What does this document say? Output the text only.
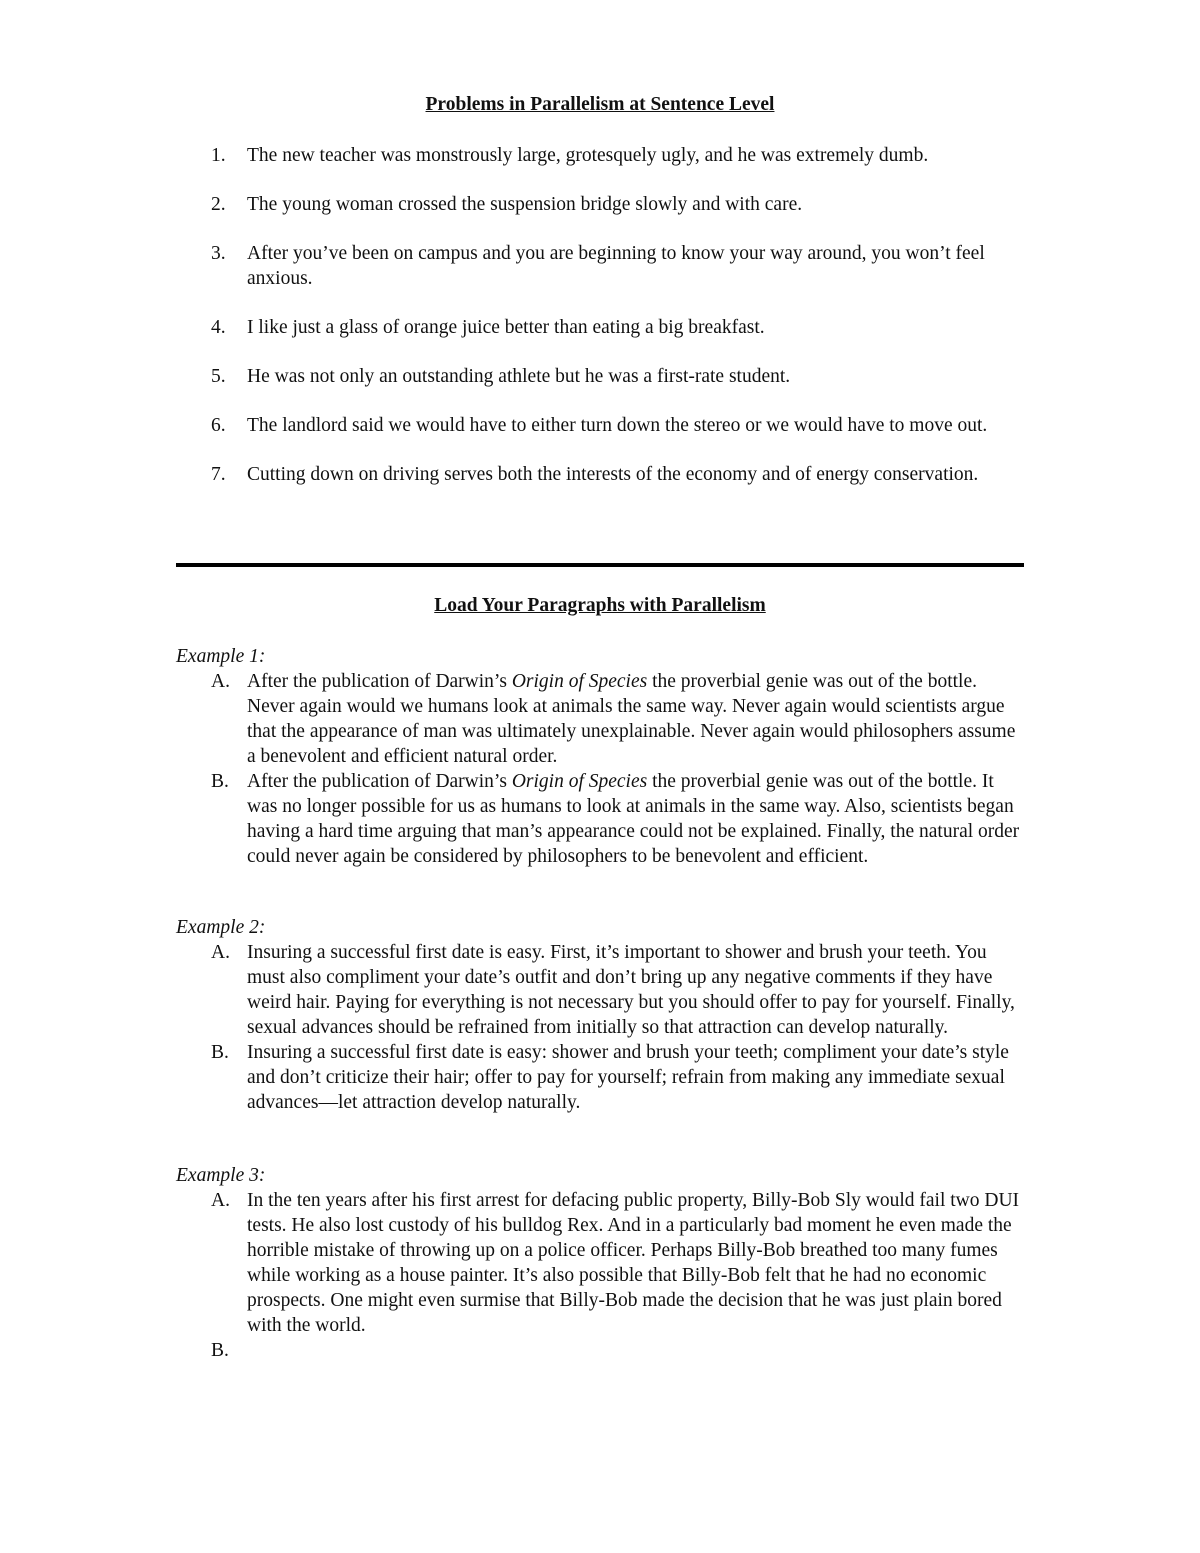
Problems in Parallelism at Sentence Level
1. The new teacher was monstrously large, grotesquely ugly, and he was extremely dumb.
2. The young woman crossed the suspension bridge slowly and with care.
3. After you’ve been on campus and you are beginning to know your way around, you won’t feel anxious.
4. I like just a glass of orange juice better than eating a big breakfast.
5. He was not only an outstanding athlete but he was a first-rate student.
6. The landlord said we would have to either turn down the stereo or we would have to move out.
7. Cutting down on driving serves both the interests of the economy and of energy conservation.
Load Your Paragraphs with Parallelism
Example 1:
A. After the publication of Darwin’s Origin of Species the proverbial genie was out of the bottle. Never again would we humans look at animals the same way. Never again would scientists argue that the appearance of man was ultimately unexplainable. Never again would philosophers assume a benevolent and efficient natural order.
B. After the publication of Darwin’s Origin of Species the proverbial genie was out of the bottle. It was no longer possible for us as humans to look at animals in the same way. Also, scientists began having a hard time arguing that man’s appearance could not be explained. Finally, the natural order could never again be considered by philosophers to be benevolent and efficient.
Example 2:
A. Insuring a successful first date is easy. First, it’s important to shower and brush your teeth. You must also compliment your date’s outfit and don’t bring up any negative comments if they have weird hair. Paying for everything is not necessary but you should offer to pay for yourself. Finally, sexual advances should be refrained from initially so that attraction can develop naturally.
B. Insuring a successful first date is easy: shower and brush your teeth; compliment your date’s style and don’t criticize their hair; offer to pay for yourself; refrain from making any immediate sexual advances—let attraction develop naturally.
Example 3:
A. In the ten years after his first arrest for defacing public property, Billy-Bob Sly would fail two DUI tests. He also lost custody of his bulldog Rex. And in a particularly bad moment he even made the horrible mistake of throwing up on a police officer. Perhaps Billy-Bob breathed too many fumes while working as a house painter. It’s also possible that Billy-Bob felt that he had no economic prospects. One might even surmise that Billy-Bob made the decision that he was just plain bored with the world.
B.
